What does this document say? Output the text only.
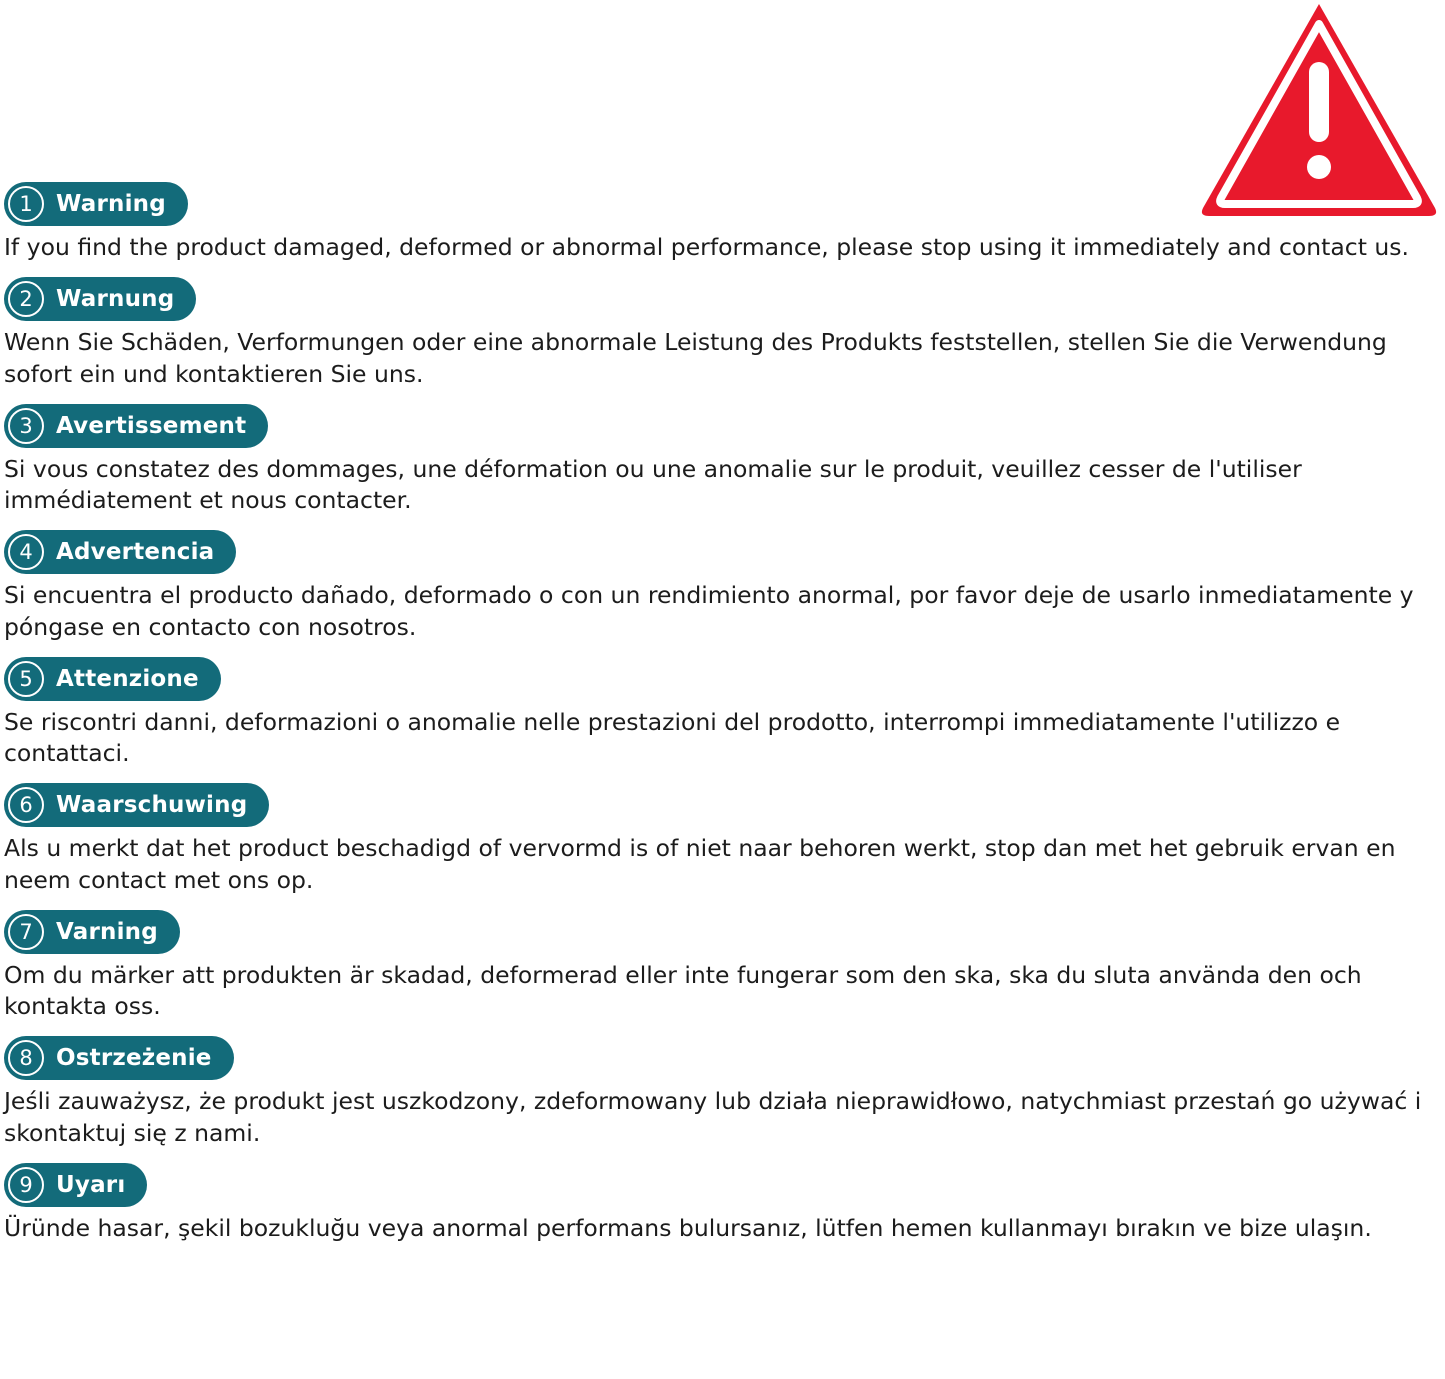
1	Warning

If you find the product damaged, deformed or abnormal performance, please stop using it immediately and contact us.

2	Warnung

Wenn Sie Schäden, Verformungen oder eine abnormale Leistung des Produkts feststellen, stellen Sie die Verwendung sofort ein und kontaktieren Sie uns.

3	Avertissement

Si vous constatez des dommages, une déformation ou une anomalie sur le produit, veuillez cesser de l'utiliser immédiatement et nous contacter.

4	Advertencia

Si encuentra el producto dañado, deformado o con un rendimiento anormal, por favor deje de usarlo inmediatamente y póngase en contacto con nosotros.

5	Attenzione

Se riscontri danni, deformazioni o anomalie nelle prestazioni del prodotto, interrompi immediatamente l'utilizzo e contattaci.

6	Waarschuwing

Als u merkt dat het product beschadigd of vervormd is of niet naar behoren werkt, stop dan met het gebruik ervan en neem contact met ons op.

7	Varning

Om du märker att produkten är skadad, deformerad eller inte fungerar som den ska, ska du sluta använda den och kontakta oss.

8	Ostrzeżenie

Jeśli zauważysz, że produkt jest uszkodzony, zdeformowany lub działa nieprawidłowo, natychmiast przestań go używać i skontaktuj się z nami.

9	Uyarı

Üründe hasar, şekil bozukluğu veya anormal performans bulursanız, lütfen hemen kullanmayı bırakın ve bize ulaşın.
